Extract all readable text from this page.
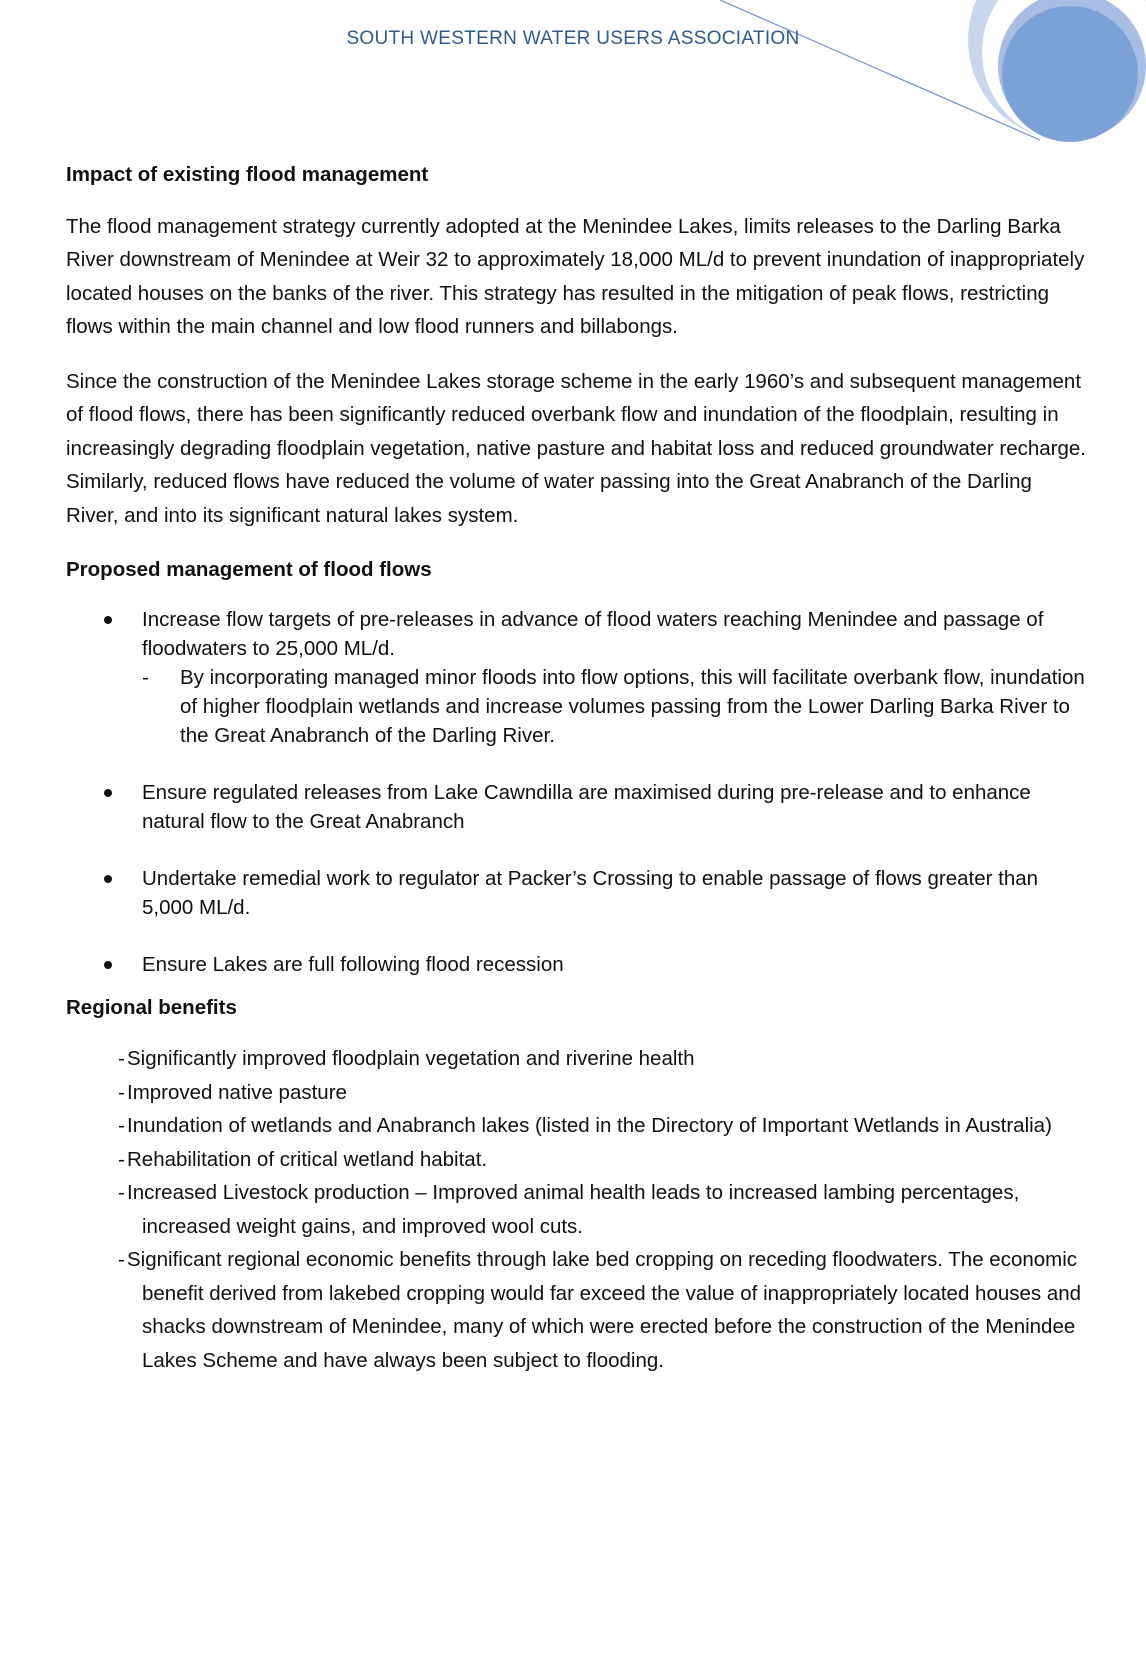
SOUTH WESTERN WATER USERS ASSOCIATION

Impact of existing flood management

The flood management strategy currently adopted at the Menindee Lakes, limits releases to the Darling Barka River downstream of Menindee at Weir 32 to approximately 18,000 ML/d to prevent inundation of inappropriately located houses on the banks of the river. This strategy has resulted in the mitigation of peak flows, restricting flows within the main channel and low flood runners and billabongs.

Since the construction of the Menindee Lakes storage scheme in the early 1960’s and subsequent management of flood flows, there has been significantly reduced overbank flow and inundation of the floodplain, resulting in increasingly degrading floodplain vegetation, native pasture and habitat loss and reduced groundwater recharge. Similarly, reduced flows have reduced the volume of water passing into the Great Anabranch of the Darling River, and into its significant natural lakes system.

Proposed management of flood flows

Increase flow targets of pre-releases in advance of flood waters reaching Menindee and passage of floodwaters to 25,000 ML/d.
- By incorporating managed minor floods into flow options, this will facilitate overbank flow, inundation of higher floodplain wetlands and increase volumes passing from the Lower Darling Barka River to the Great Anabranch of the Darling River.
Ensure regulated releases from Lake Cawndilla are maximised during pre-release and to enhance natural flow to the Great Anabranch
Undertake remedial work to regulator at Packer’s Crossing to enable passage of flows greater than 5,000 ML/d.
Ensure Lakes are full following flood recession

Regional benefits

- Significantly improved floodplain vegetation and riverine health
- Improved native pasture
- Inundation of wetlands and Anabranch lakes (listed in the Directory of Important Wetlands in Australia)
- Rehabilitation of critical wetland habitat.
- Increased Livestock production – Improved animal health leads to increased lambing percentages, increased weight gains, and improved wool cuts.
- Significant regional economic benefits through lake bed cropping on receding floodwaters. The economic benefit derived from lakebed cropping would far exceed the value of inappropriately located houses and shacks downstream of Menindee, many of which were erected before the construction of the Menindee Lakes Scheme and have always been subject to flooding.
